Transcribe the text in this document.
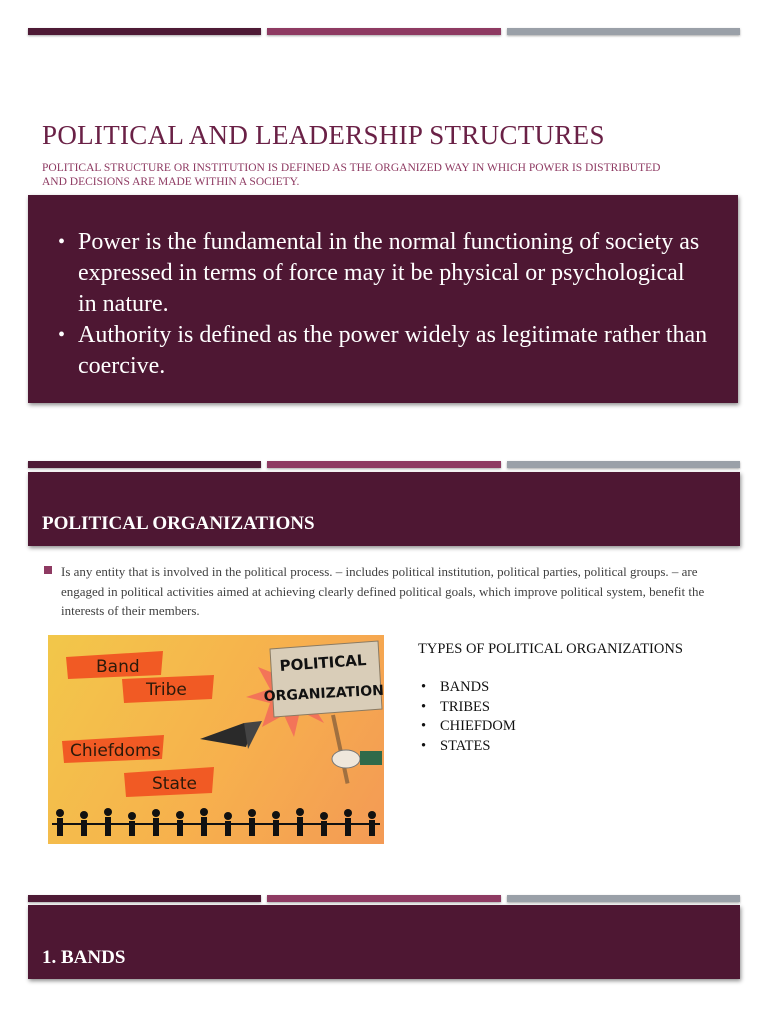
POLITICAL AND LEADERSHIP STRUCTURES

POLITICAL STRUCTURE OR INSTITUTION IS DEFINED AS THE ORGANIZED WAY IN WHICH POWER IS DISTRIBUTED AND DECISIONS ARE MADE WITHIN A SOCIETY.

• Power is the fundamental in the normal functioning of society as expressed in terms of force may it be physical or psychological in nature.
• Authority is defined as the power widely as legitimate rather than coercive.
POLITICAL ORGANIZATIONS

Is any entity that is involved in the political process. – includes political institution, political parties, political groups. – are engaged in political activities aimed at achieving clearly defined political goals, which improve political system, benefit the interests of their members.

Band
Tribe
Chiefdoms
State
POLITICAL
ORGANIZATION

TYPES OF POLITICAL ORGANIZATIONS

• BANDS
• TRIBES
• CHIEFDOM
• STATES
1. BANDS
